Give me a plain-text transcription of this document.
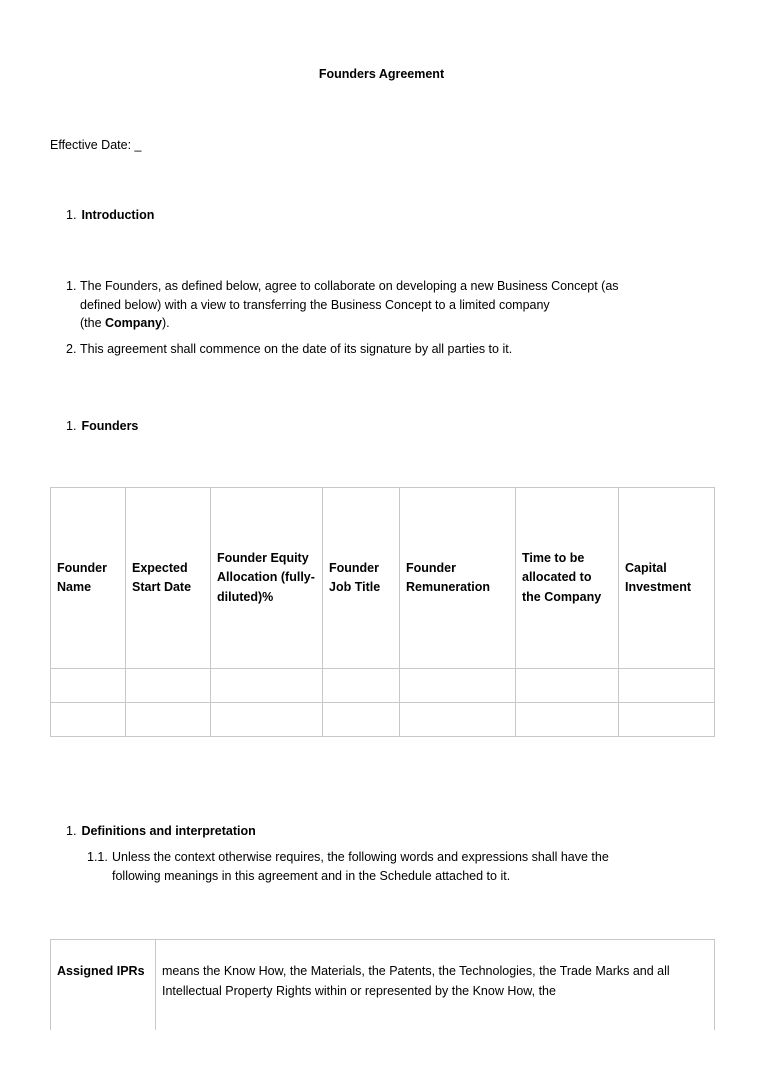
Founders Agreement
Effective Date: _
1. Introduction
1. The Founders, as defined below, agree to collaborate on developing a new Business Concept (as
defined below) with a view to transferring the Business Concept to a limited company
(the Company).
2. This agreement shall commence on the date of its signature by all parties to it.
1. Founders
Founder Name	Expected Start Date	Founder Equity Allocation (fully-diluted)%	Founder Job Title	Founder Remuneration	Time to be allocated to the Company	Capital Investment

1. Definitions and interpretation
1.1. Unless the context otherwise requires, the following words and expressions shall have the
following meanings in this agreement and in the Schedule attached to it.
Assigned IPRs	means the Know How, the Materials, the Patents, the Technologies, the Trade Marks and all Intellectual Property Rights within or represented by the Know How, the
